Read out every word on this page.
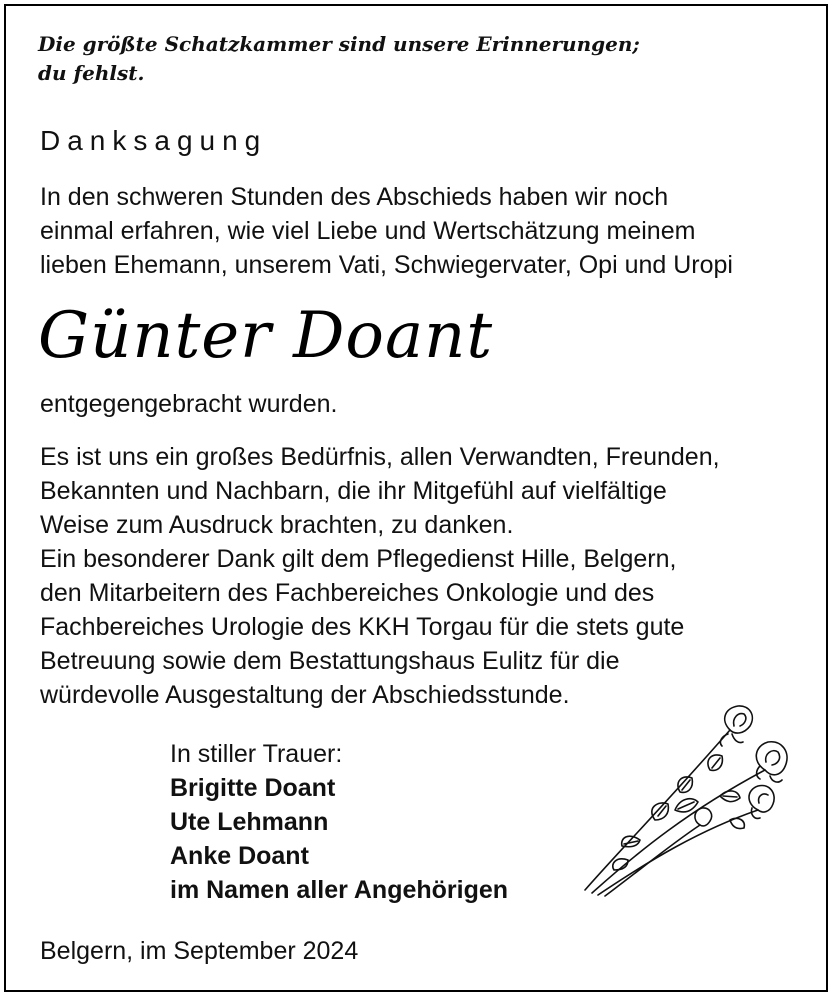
Die größte Schatzkammer sind unsere Erinnerungen;
du fehlst.
Danksagung
In den schweren Stunden des Abschieds haben wir noch
einmal erfahren, wie viel Liebe und Wertschätzung meinem
lieben Ehemann, unserem Vati, Schwiegervater, Opi und Uropi
Günter Doant
entgegengebracht wurden.
Es ist uns ein großes Bedürfnis, allen Verwandten, Freunden,
Bekannten und Nachbarn, die ihr Mitgefühl auf vielfältige
Weise zum Ausdruck brachten, zu danken.
Ein besonderer Dank gilt dem Pflegedienst Hille, Belgern,
den Mitarbeitern des Fachbereiches Onkologie und des
Fachbereiches Urologie des KKH Torgau für die stets gute
Betreuung sowie dem Bestattungshaus Eulitz für die
würdevolle Ausgestaltung der Abschiedsstunde.
In stiller Trauer:
Brigitte Doant
Ute Lehmann
Anke Doant
im Namen aller Angehörigen
Belgern, im September 2024
